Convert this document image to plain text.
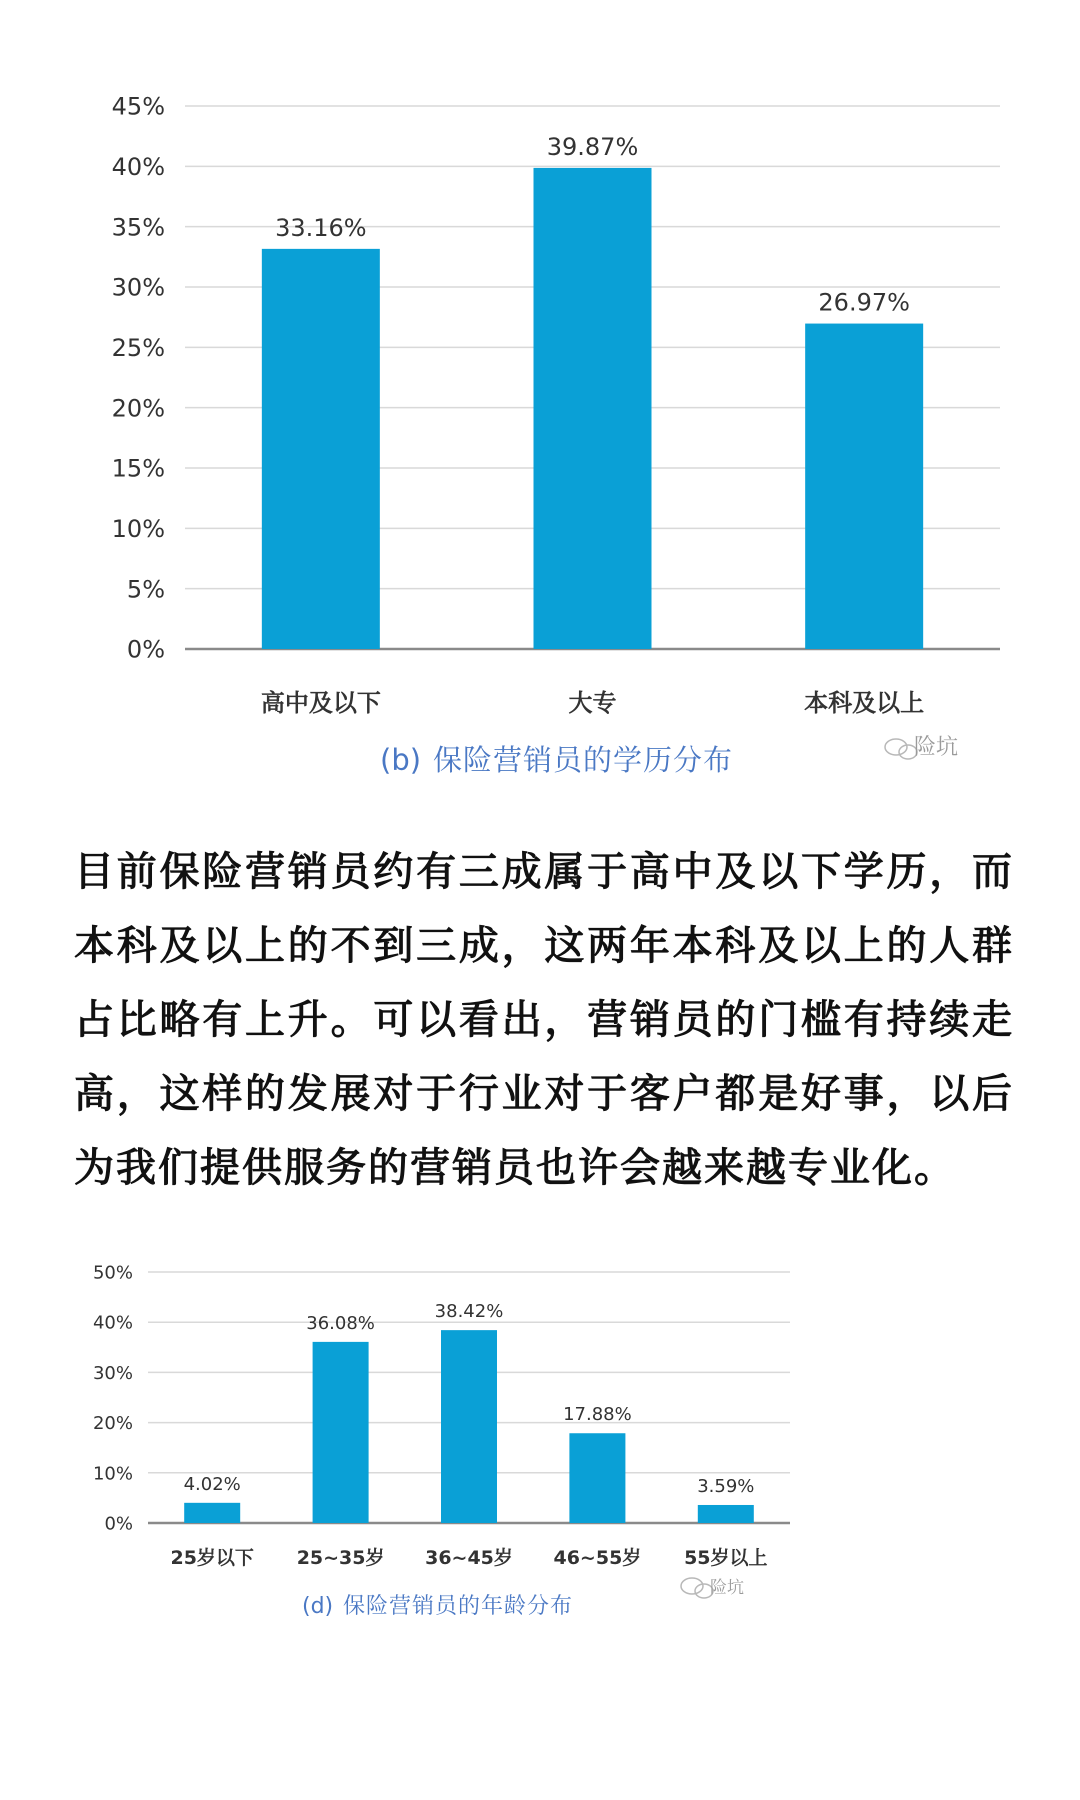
0%
5%
10%
15%
20%
25%
30%
35%
40%
45%
33.16%
高中及以下
39.87%
大专
26.97%
本科及以上
(b) 保险营销员的学历分布	险坑

目前保险营销员约有三成属于高中及以下学历，而本科及以上的不到三成，这两年本科及以上的人群占比略有上升。可以看出，营销员的门槛有持续走高，这样的发展对于行业对于客户都是好事，以后为我们提供服务的营销员也许会越来越专业化。

0%
10%
20%
30%
40%
50%
4.02%
25岁以下
36.08%
25~35岁
38.42%
36~45岁
17.88%
46~55岁
3.59%
55岁以上
(d) 保险营销员的年龄分布
险坑
